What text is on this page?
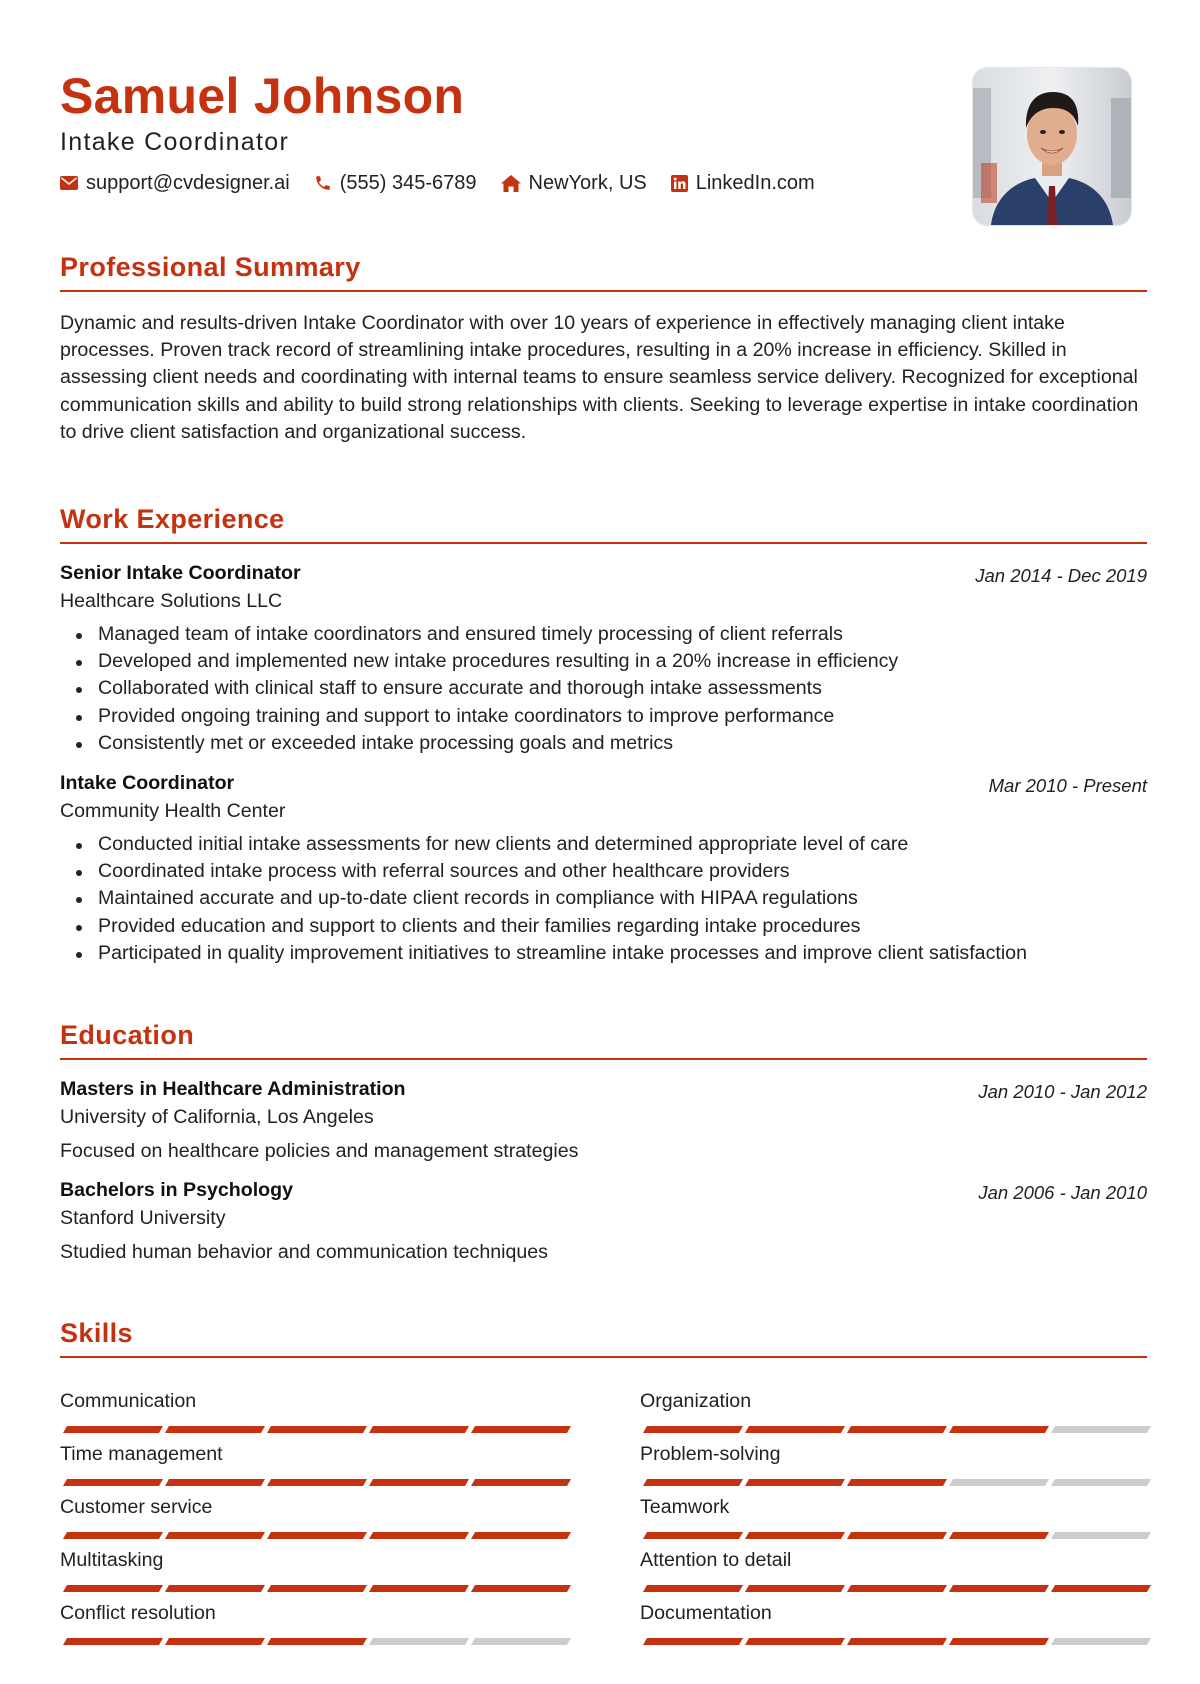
Samuel Johnson
Intake Coordinator
support@cvdesigner.ai	(555) 345-6789	NewYork, US LinkedIn.com
Professional Summary
Dynamic and results-driven Intake Coordinator with over 10 years of experience in effectively managing client intake processes. Proven track record of streamlining intake procedures, resulting in a 20% increase in efficiency. Skilled in assessing client needs and coordinating with internal teams to ensure seamless service delivery. Recognized for exceptional communication skills and ability to build strong relationships with clients. Seeking to leverage expertise in intake coordination to drive client satisfaction and organizational success.
Work Experience
Senior Intake Coordinator
Healthcare Solutions LLC
Jan 2014 - Dec 2019
Managed team of intake coordinators and ensured timely processing of client referrals
Developed and implemented new intake procedures resulting in a 20% increase in efficiency
Collaborated with clinical staff to ensure accurate and thorough intake assessments
Provided ongoing training and support to intake coordinators to improve performance
Consistently met or exceeded intake processing goals and metrics
Intake Coordinator
Community Health Center
Mar 2010 - Present
Conducted initial intake assessments for new clients and determined appropriate level of care
Coordinated intake process with referral sources and other healthcare providers
Maintained accurate and up-to-date client records in compliance with HIPAA regulations
Provided education and support to clients and their families regarding intake procedures
Participated in quality improvement initiatives to streamline intake processes and improve client satisfaction
Education
Masters in Healthcare Administration
University of California, Los Angeles
Jan 2010 - Jan 2012
Focused on healthcare policies and management strategies
Bachelors in Psychology
Stanford University
Jan 2006 - Jan 2010
Studied human behavior and communication techniques
Skills
Communication	Organization
Time management	Problem-solving
Customer service	Teamwork
Multitasking	Attention to detail
Conflict resolution	Documentation
